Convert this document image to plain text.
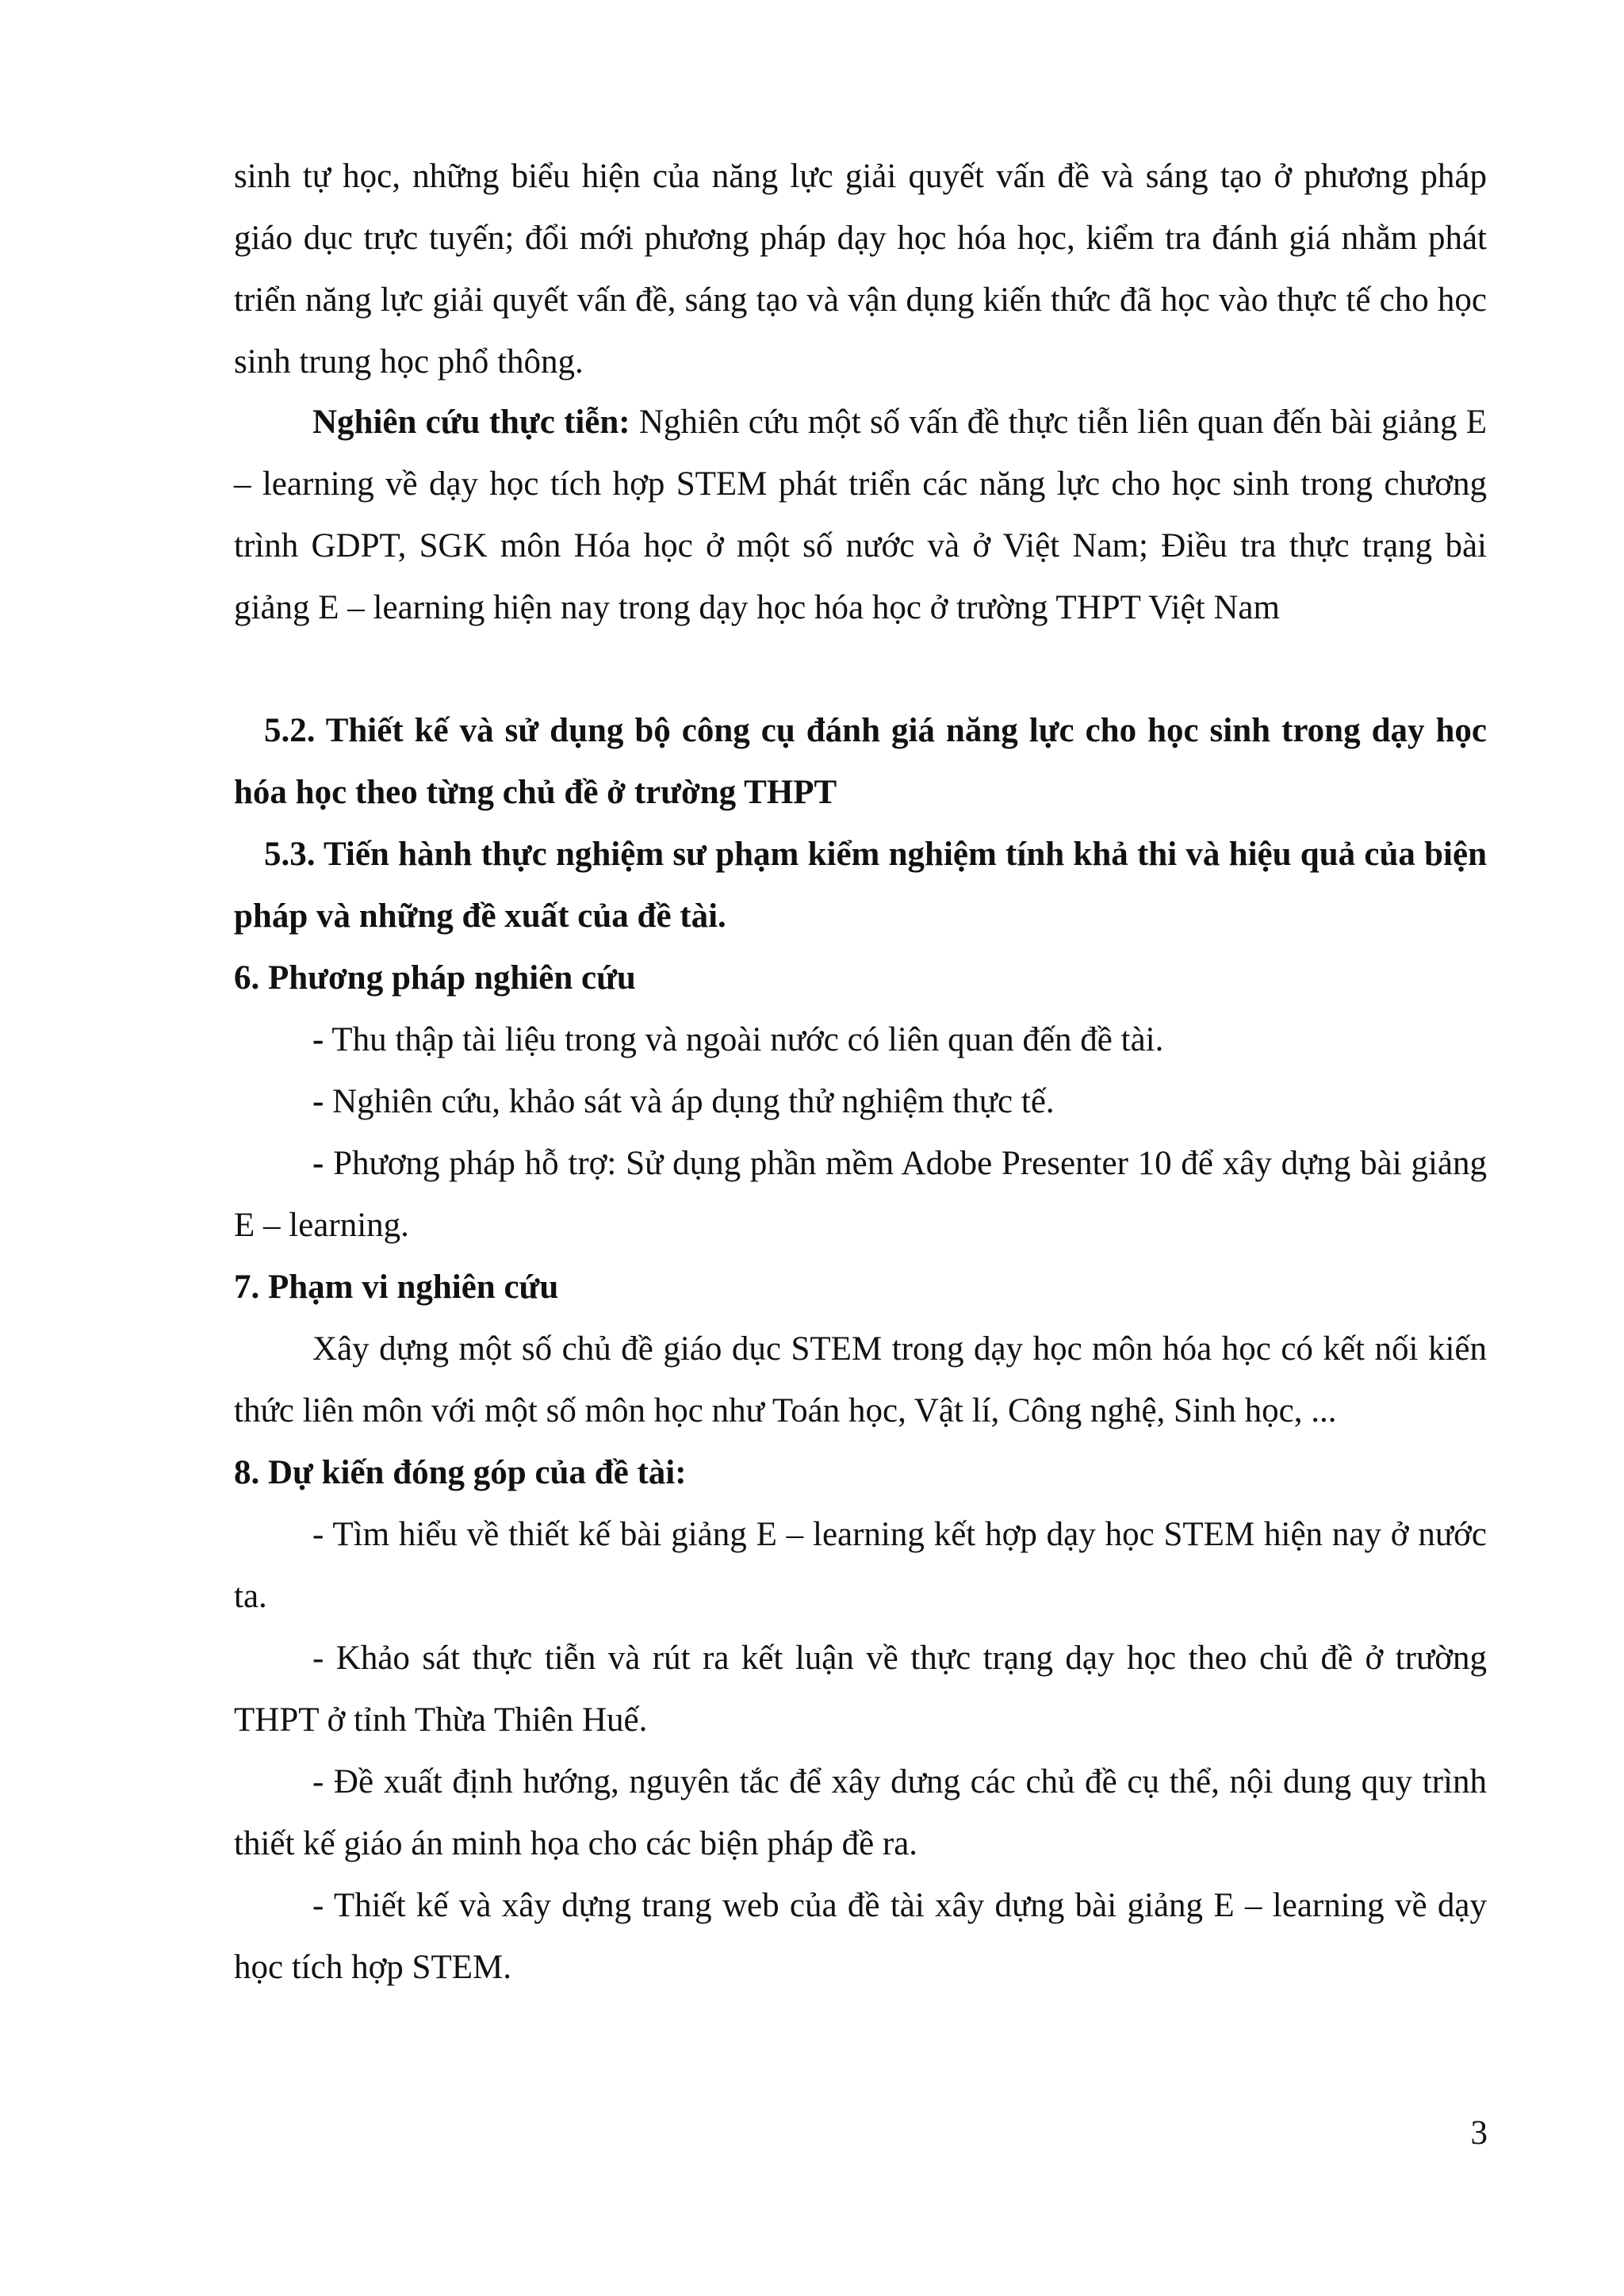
sinh tự học, những biểu hiện của năng lực giải quyết vấn đề và sáng tạo ở phương pháp giáo dục trực tuyến; đổi mới phương pháp dạy học hóa học, kiểm tra đánh giá nhằm phát triển năng lực giải quyết vấn đề, sáng tạo và vận dụng kiến thức đã học vào thực tế cho học sinh trung học phổ thông.

Nghiên cứu thực tiễn: Nghiên cứu một số vấn đề thực tiễn liên quan đến bài giảng E – learning về dạy học tích hợp STEM phát triển các năng lực cho học sinh trong chương trình GDPT, SGK môn Hóa học ở một số nước và ở Việt Nam; Điều tra thực trạng bài giảng E – learning hiện nay trong dạy học hóa học ở trường THPT Việt Nam

5.2. Thiết kế và sử dụng bộ công cụ đánh giá năng lực cho học sinh trong dạy học hóa học theo từng chủ đề ở trường THPT

5.3. Tiến hành thực nghiệm sư phạm kiểm nghiệm tính khả thi và hiệu quả của biện pháp và những đề xuất của đề tài.

6. Phương pháp nghiên cứu

- Thu thập tài liệu trong và ngoài nước có liên quan đến đề tài.

- Nghiên cứu, khảo sát và áp dụng thử nghiệm thực tế.

- Phương pháp hỗ trợ: Sử dụng phần mềm Adobe Presenter 10 để xây dựng bài giảng E – learning.

7. Phạm vi nghiên cứu

Xây dựng một số chủ đề giáo dục STEM trong dạy học môn hóa học có kết nối kiến thức liên môn với một số môn học như Toán học, Vật lí, Công nghệ, Sinh học, ...

8. Dự kiến đóng góp của đề tài:

- Tìm hiểu về thiết kế bài giảng E – learning kết hợp dạy học STEM hiện nay ở nước ta.

- Khảo sát thực tiễn và rút ra kết luận về thực trạng dạy học theo chủ đề ở trường THPT ở tỉnh Thừa Thiên Huế.

- Đề xuất định hướng, nguyên tắc để xây dưng các chủ đề cụ thể, nội dung quy trình thiết kế giáo án minh họa cho các biện pháp đề ra.

- Thiết kế và xây dựng trang web của đề tài xây dựng bài giảng E – learning về dạy học tích hợp STEM.

3
